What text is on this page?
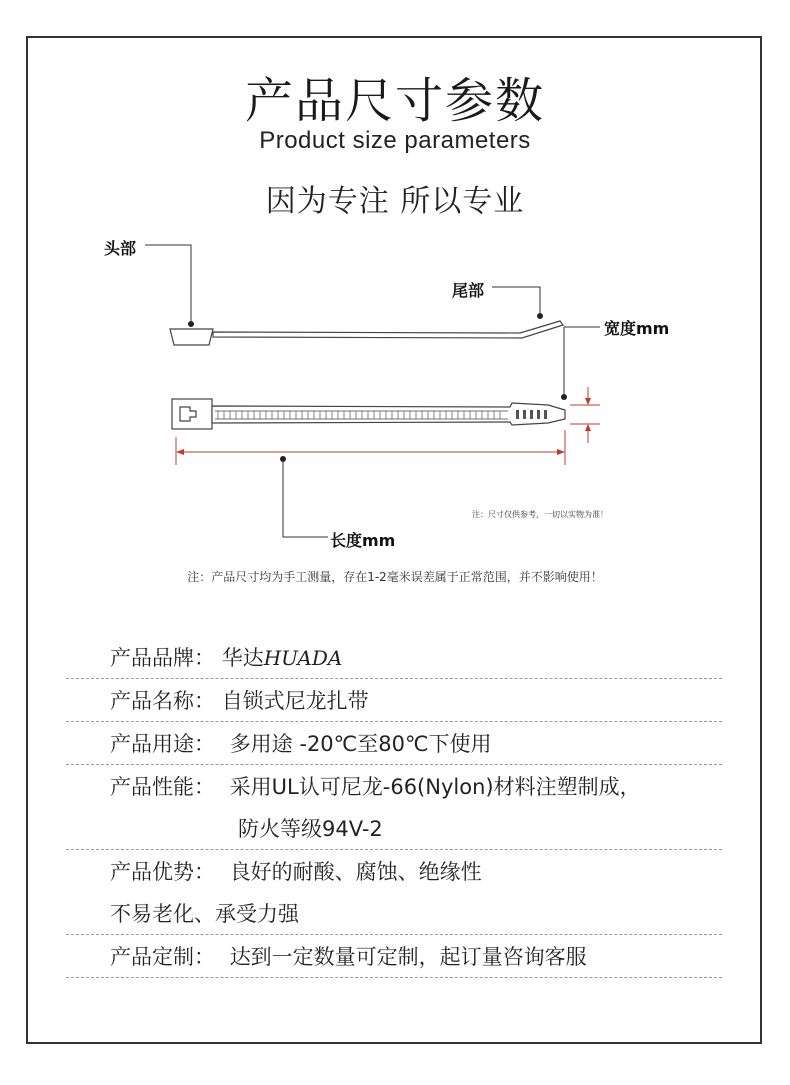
产品尺寸参数
Product size parameters
因为专注 所以专业
头部
尾部
宽度mm
长度mm
注：尺寸仅供参考，一切以实物为准！
注：产品尺寸均为手工测量，存在1-2毫米误差属于正常范围，并不影响使用！
产品品牌： 华达HUADA
产品名称： 自锁式尼龙扎带
产品用途： 多用途 -20℃至80℃下使用
产品性能： 采用UL认可尼龙-66(Nylon)材料注塑制成，
防火等级94V-2
产品优势： 良好的耐酸、腐蚀、绝缘性
不易老化、承受力强
产品定制： 达到一定数量可定制，起订量咨询客服
